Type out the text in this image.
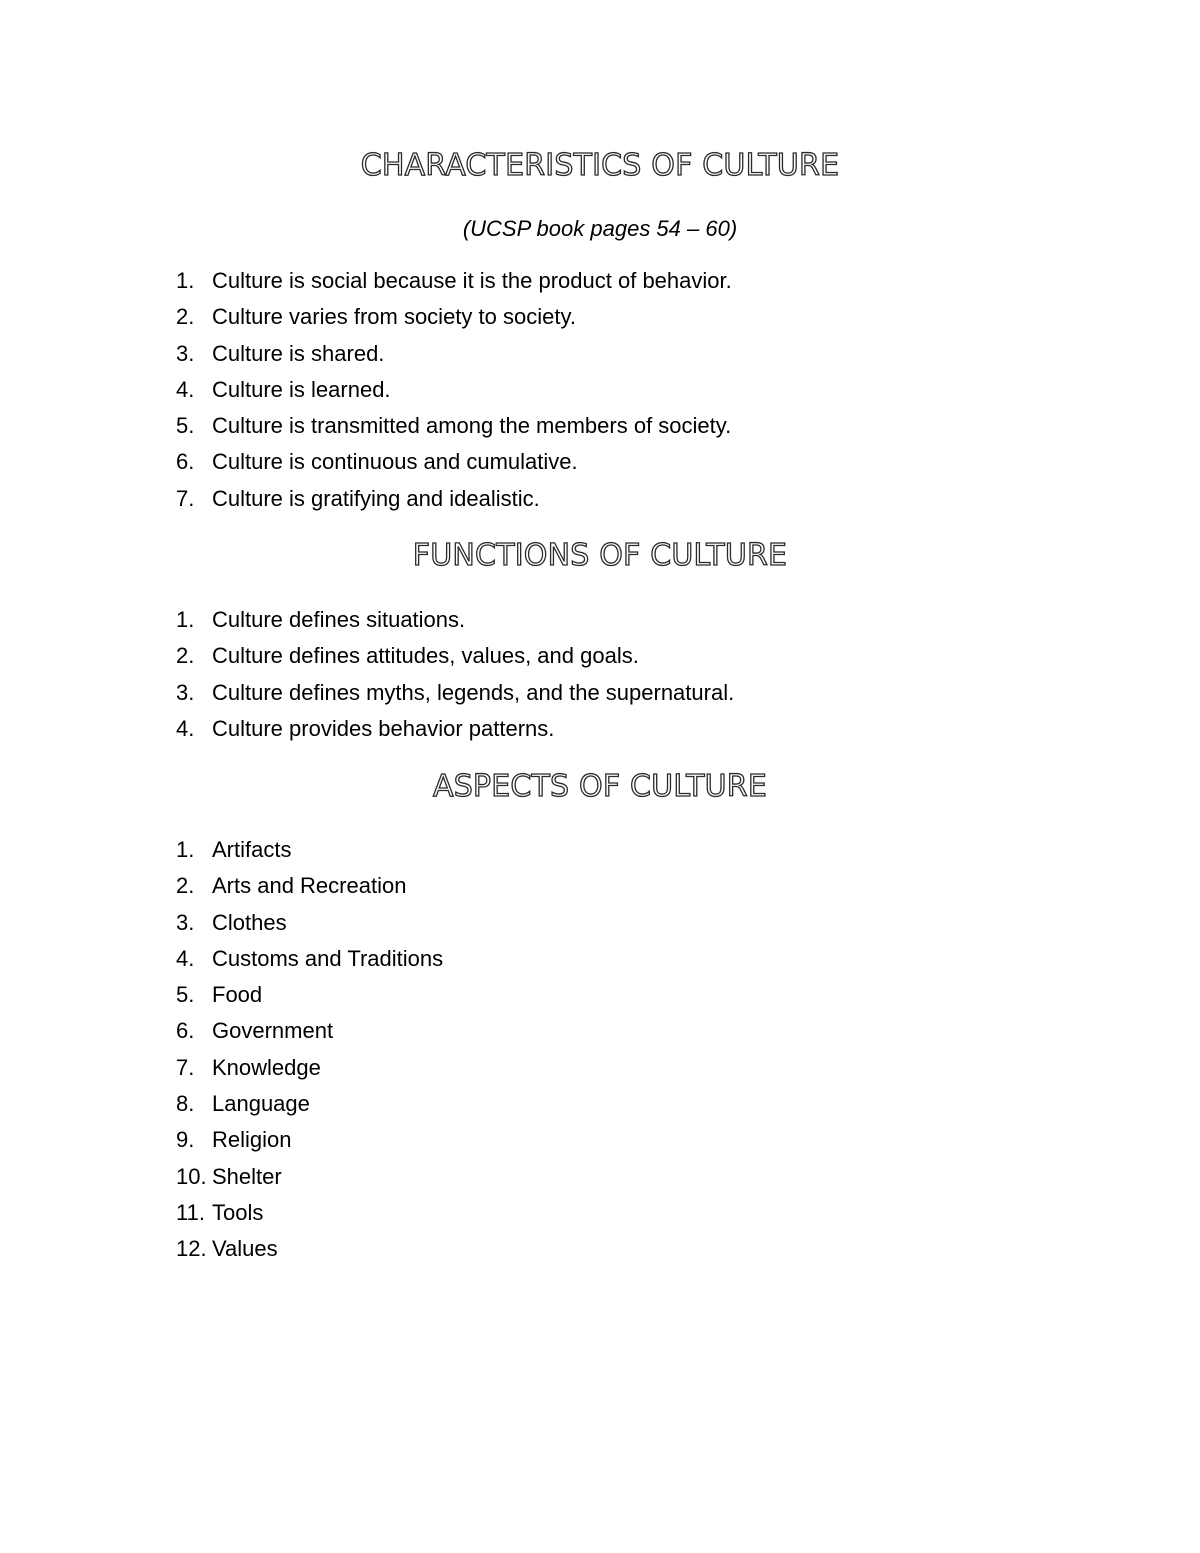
CHARACTERISTICS OF CULTURE

(UCSP book pages 54 – 60)

1. Culture is social because it is the product of behavior.
2. Culture varies from society to society.
3. Culture is shared.
4. Culture is learned.
5. Culture is transmitted among the members of society.
6. Culture is continuous and cumulative.
7. Culture is gratifying and idealistic.
FUNCTIONS OF CULTURE
1. Culture defines situations.
2. Culture defines attitudes, values, and goals.
3. Culture defines myths, legends, and the supernatural.
4. Culture provides behavior patterns.
ASPECTS OF CULTURE
1. Artifacts
2. Arts and Recreation
3. Clothes
4. Customs and Traditions
5. Food
6. Government
7. Knowledge
8. Language
9. Religion
10. Shelter
11. Tools
12. Values
